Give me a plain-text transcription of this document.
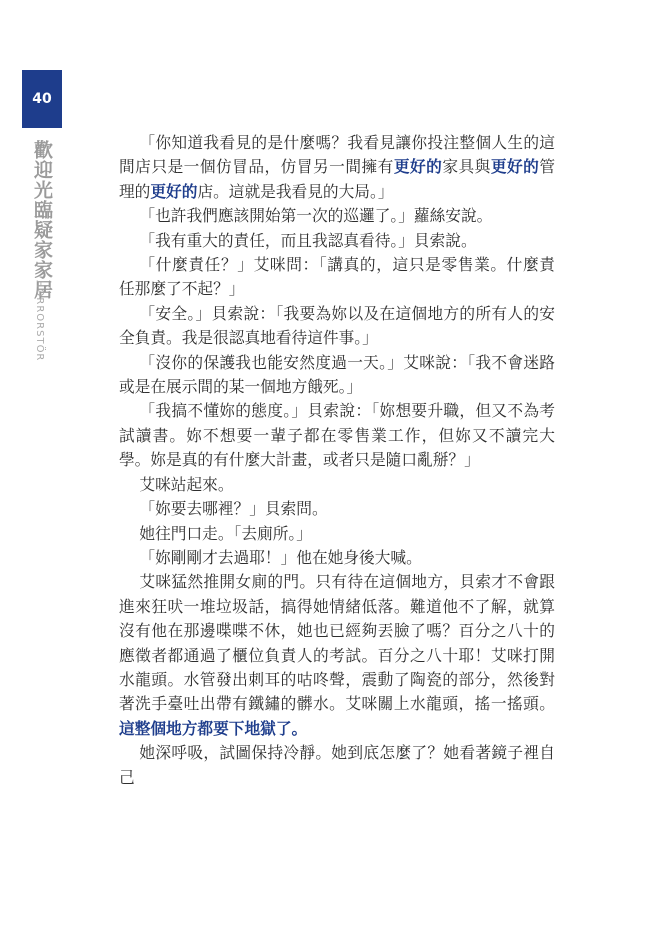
40
歡迎光臨疑家家居
HORRORSTÖR

「你知道我看見的是什麼嗎？我看見讓你投注整個人生的這間店只是一個仿冒品，仿冒另一間擁有更好的家具與更好的管理的更好的店。這就是我看見的大局。」

「也許我們應該開始第一次的巡邏了。」蘿絲安說。

「我有重大的責任，而且我認真看待。」貝索說。

「什麼責任？」艾咪問：「講真的，這只是零售業。什麼責任那麼了不起？」

「安全。」貝索說：「我要為妳以及在這個地方的所有人的安全負責。我是很認真地看待這件事。」

「沒你的保護我也能安然度過一天。」艾咪說：「我不會迷路或是在展示間的某一個地方餓死。」

「我搞不懂妳的態度。」貝索說：「妳想要升職，但又不為考試讀書。妳不想要一輩子都在零售業工作，但妳又不讀完大學。妳是真的有什麼大計畫，或者只是隨口亂掰？」

艾咪站起來。

「妳要去哪裡？」貝索問。

她往門口走。「去廁所。」

「妳剛剛才去過耶！」他在她身後大喊。

艾咪猛然推開女廁的門。只有待在這個地方，貝索才不會跟進來狂吠一堆垃圾話，搞得她情緒低落。難道他不了解，就算沒有他在那邊喋喋不休，她也已經夠丟臉了嗎？百分之八十的應徵者都通過了櫃位負責人的考試。百分之八十耶！艾咪打開水龍頭。水管發出刺耳的咕咚聲，震動了陶瓷的部分，然後對著洗手臺吐出帶有鐵鏽的髒水。艾咪關上水龍頭，搖一搖頭。這整個地方都要下地獄了。

她深呼吸，試圖保持冷靜。她到底怎麼了？她看著鏡子裡自己
